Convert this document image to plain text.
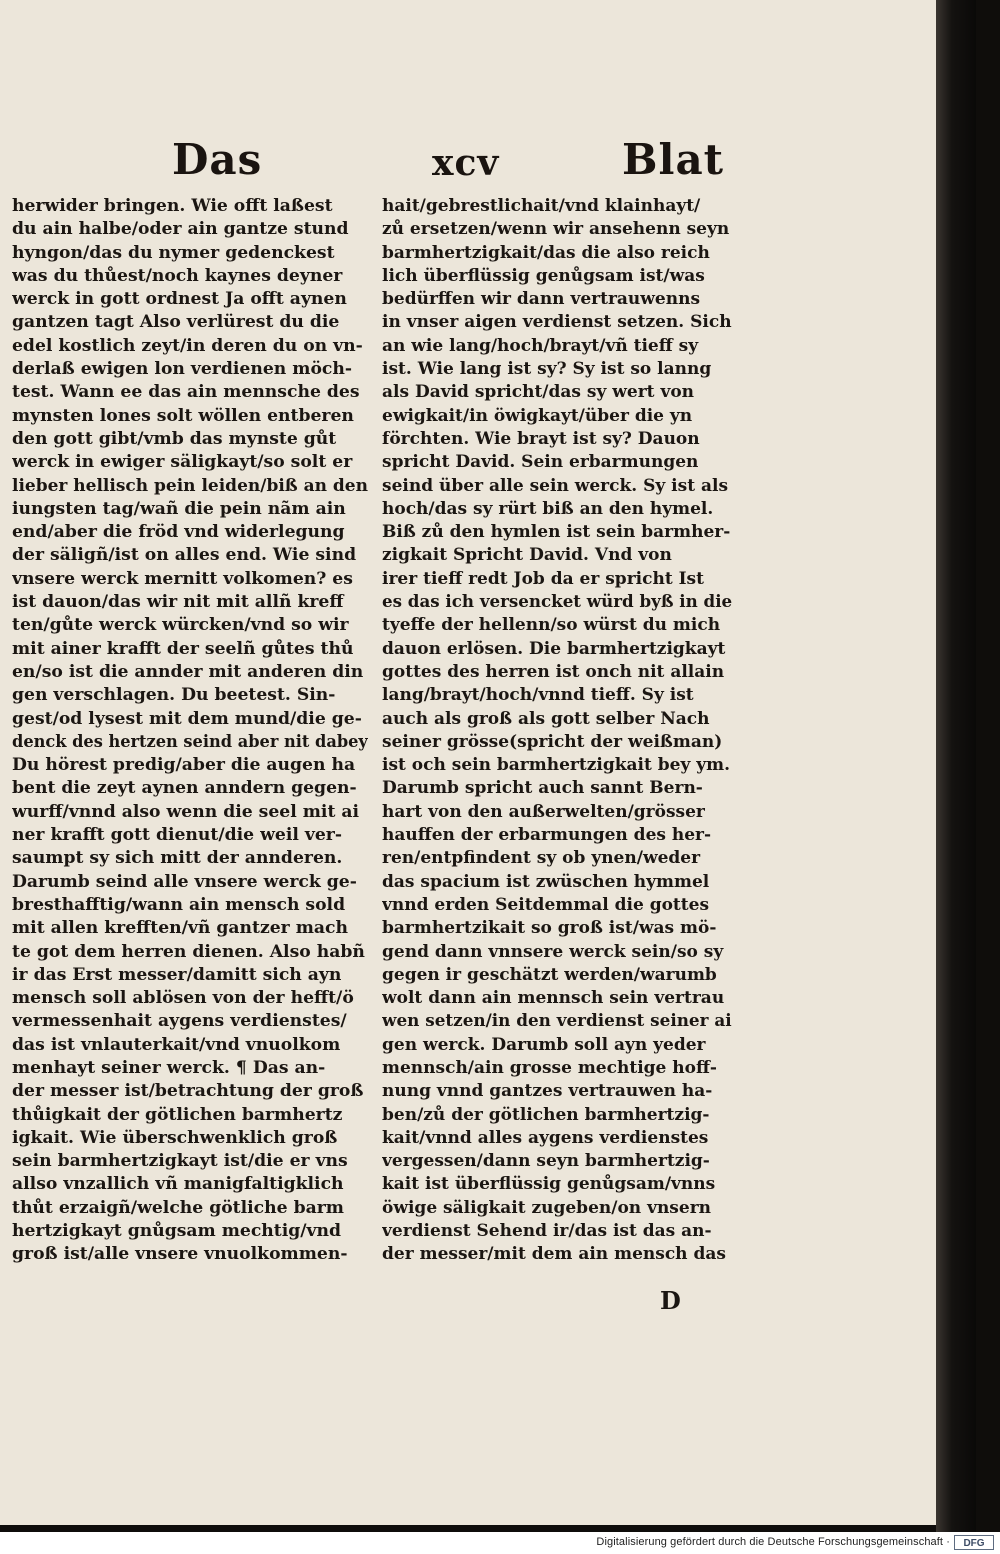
Das	xcv	Blat
herwider bringen. Wie offt laßest
du ain halbe/oder ain gantze stund
hyngon/das du nymer gedenckest
was du thůest/noch kaynes deyner
werck in gott ordnest Ja offt aynen
gantzen tagt Also verlürest du die
edel kostlich zeyt/in deren du on vn-
derlaß ewigen lon verdienen möch-
test. Wann ee das ain mennsche des
mynsten lones solt wöllen entberen
den gott gibt/vmb das mynste gůt
werck in ewiger säligkayt/so solt er
lieber hellisch pein leiden/biß an den
iungsten tag/wañ die pein nãm ain
end/aber die fröd vnd widerlegung
der säligñ/ist on alles end. Wie sind
vnsere werck mernitt volkomen? es
ist dauon/das wir nit mit allñ kreff
ten/gůte werck würcken/vnd so wir
mit ainer krafft der seelñ gůtes thů
en/so ist die annder mit anderen din
gen verschlagen. Du beetest. Sin-
gest/od lysest mit dem mund/die ge-
denck des hertzen seind aber nit dabey
Du hörest predig/aber die augen ha
bent die zeyt aynen anndern gegen-
wurff/vnnd also wenn die seel mit ai
ner krafft gott dienut/die weil ver-
saumpt sy sich mitt der annderen.
Darumb seind alle vnsere werck ge-
bresthafftig/wann ain mensch sold
mit allen krefften/vñ gantzer mach
te got dem herren dienen. Also habñ
ir das Erst messer/damitt sich ayn
mensch soll ablösen von der hefft/ö
vermessenhait aygens verdienstes/
das ist vnlauterkait/vnd vnuolkom
menhayt seiner werck. ¶ Das an-
der messer ist/betrachtung der groß
thůigkait der götlichen barmhertz
igkait. Wie überschwenklich groß
sein barmhertzigkayt ist/die er vns
allso vnzallich vñ manigfaltigklich
thůt erzaigñ/welche götliche barm
hertzigkayt gnůgsam mechtig/vnd
groß ist/alle vnsere vnuolkommen-
hait/gebrestlichait/vnd klainhayt/
zů ersetzen/wenn wir ansehenn seyn
barmhertzigkait/das die also reich
lich überflüssig genůgsam ist/was
bedürffen wir dann vertrauwenns
in vnser aigen verdienst setzen. Sich
an wie lang/hoch/brayt/vñ tieff sy
ist. Wie lang ist sy? Sy ist so lanng
als David spricht/das sy wert von
ewigkait/in öwigkayt/über die yn
förchten. Wie brayt ist sy? Dauon
spricht David. Sein erbarmungen
seind über alle sein werck. Sy ist als
hoch/das sy rürt biß an den hymel.
Biß zů den hymlen ist sein barmher-
zigkait Spricht David. Vnd von
irer tieff redt Job da er spricht Ist
es das ich versencket würd byß in die
tyeffe der hellenn/so würst du mich
dauon erlösen. Die barmhertzigkayt
gottes des herren ist onch nit allain
lang/brayt/hoch/vnnd tieff. Sy ist
auch als groß als gott selber Nach
seiner grösse(spricht der weißman)
ist och sein barmhertzigkait bey ym.
Darumb spricht auch sannt Bern-
hart von den außerwelten/grösser
hauffen der erbarmungen des her-
ren/entpfindent sy ob ynen/weder
das spacium ist zwüschen hymmel
vnnd erden Seitdemmal die gottes
barmhertzikait so groß ist/was mö-
gend dann vnnsere werck sein/so sy
gegen ir geschätzt werden/warumb
wolt dann ain mennsch sein vertrau
wen setzen/in den verdienst seiner ai
gen werck. Darumb soll ayn yeder
mennsch/ain grosse mechtige hoff-
nung vnnd gantzes vertrauwen ha-
ben/zů der götlichen barmhertzig-
kait/vnnd alles aygens verdienstes
vergessen/dann seyn barmhertzig-
kait ist überflüssig genůgsam/vnns
öwige säligkait zugeben/on vnsern
verdienst Sehend ir/das ist das an-
der messer/mit dem ain mensch das
D
Digitalisierung gefördert durch die Deutsche Forschungsgemeinschaft ·	DFG
